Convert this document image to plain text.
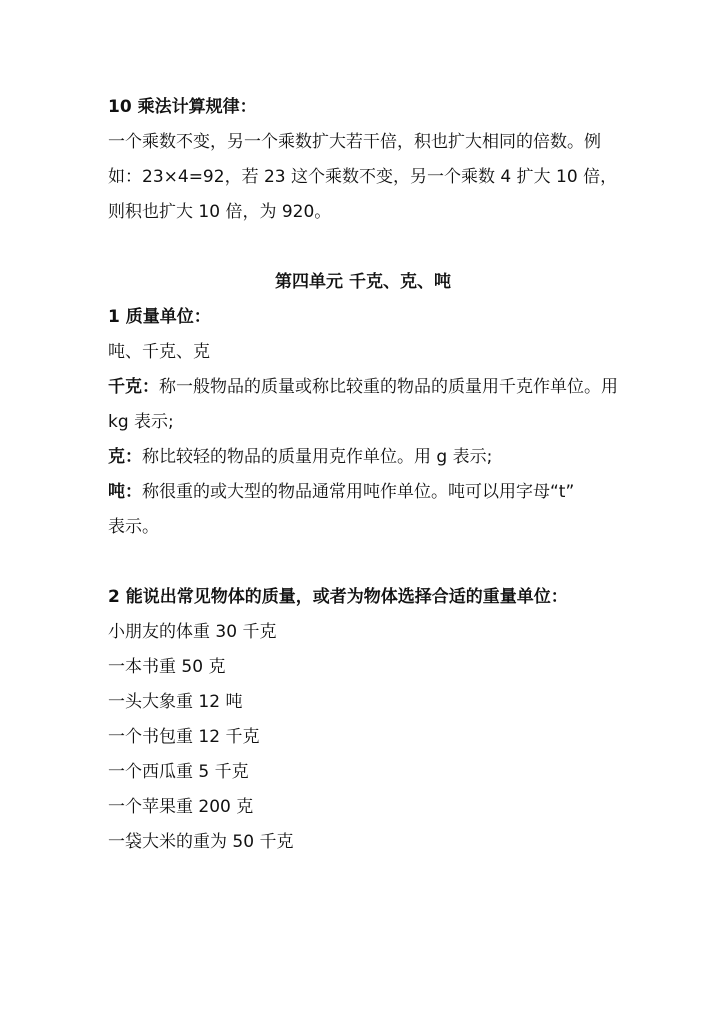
10 乘法计算规律：
一个乘数不变，另一个乘数扩大若干倍，积也扩大相同的倍数。例
如：23×4=92，若 23 这个乘数不变，另一个乘数 4 扩大 10 倍，
则积也扩大 10 倍，为 920。
第四单元 千克、克、吨
1 质量单位：
吨、千克、克
千克：称一般物品的质量或称比较重的物品的质量用千克作单位。用
kg 表示;
克：称比较轻的物品的质量用克作单位。用 g 表示;
吨：称很重的或大型的物品通常用吨作单位。吨可以用字母“t”
表示。
2 能说出常见物体的质量，或者为物体选择合适的重量单位：
小朋友的体重 30 千克
一本书重 50 克
一头大象重 12 吨
一个书包重 12 千克
一个西瓜重 5 千克
一个苹果重 200 克
一袋大米的重为 50 千克
